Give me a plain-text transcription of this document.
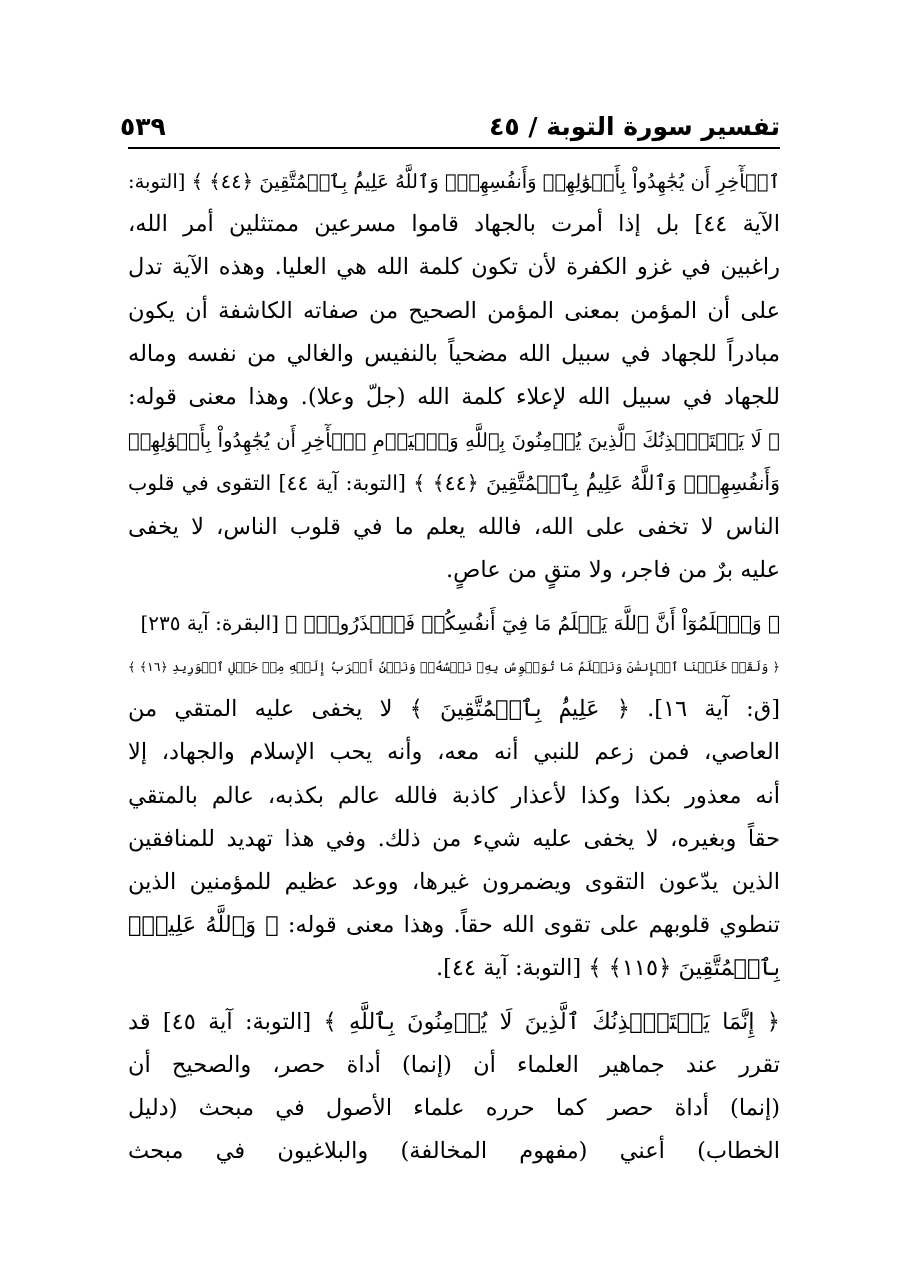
تفسير سورة التوبة / ٤٥
٥٣٩
ٱلۡأٓخِرِ أَن يُجَٰهِدُواْ بِأَمۡوَٰلِهِمۡ وَأَنفُسِهِمۡۗ وَٱللَّهُ عَلِيمُۢ بِٱلۡمُتَّقِينَ ﴿٤٤﴾ ﴾ [التوبة:
الآية ٤٤] بل إذا أمرت بالجهاد قاموا مسرعين ممتثلين أمر الله،
راغبين في غزو الكفرة لأن تكون كلمة الله هي العليا. وهذه الآية تدل
على أن المؤمن بمعنى المؤمن الصحيح من صفاته الكاشفة أن يكون
مبادراً للجهاد في سبيل الله مضحياً بالنفيس والغالي من نفسه وماله
للجهاد في سبيل الله لإعلاء كلمة الله (جلّ وعلا). وهذا معنى قوله:
﴿ لَا يَسۡتَـٔۡذِنُكَ ٱلَّذِينَ يُؤۡمِنُونَ بِٱللَّهِ وَٱلۡيَوۡمِ ٱلۡأٓخِرِ أَن يُجَٰهِدُواْ بِأَمۡوَٰلِهِمۡ
وَأَنفُسِهِمۡۗ وَٱللَّهُ عَلِيمُۢ بِٱلۡمُتَّقِينَ ﴿٤٤﴾ ﴾ [التوبة: آية ٤٤] التقوى في قلوب
الناس لا تخفى على الله، فالله يعلم ما في قلوب الناس، لا يخفى
عليه برٌ من فاجر، ولا متقٍ من عاصٍ.
﴿ وَٱعۡلَمُوٓاْ أَنَّ ٱللَّهَ يَعۡلَمُ مَا فِيٓ أَنفُسِكُمۡ فَٱحۡذَرُوهُۚ ﴾ [البقرة: آية ٢٣٥]
﴿ وَلَقَدۡ خَلَقۡنَا ٱلۡإِنسَٰنَ وَنَعۡلَمُ مَا تُوَسۡوِسُ بِهِۦ نَفۡسُهُۥۖ وَنَحۡنُ أَقۡرَبُ إِلَيۡهِ مِنۡ حَبۡلِ ٱلۡوَرِيدِ ﴿١٦﴾ ﴾
[ق: آية ١٦]. ﴿ عَلِيمُۢ بِٱلۡمُتَّقِينَ ﴾ لا يخفى عليه المتقي من
العاصي، فمن زعم للنبي أنه معه، وأنه يحب الإسلام والجهاد، إلا
أنه معذور بكذا وكذا لأعذار كاذبة فالله عالم بكذبه، عالم بالمتقي
حقاً وبغيره، لا يخفى عليه شيء من ذلك. وفي هذا تهديد للمنافقين
الذين يدّعون التقوى ويضمرون غيرها، ووعد عظيم للمؤمنين الذين
تنطوي قلوبهم على تقوى الله حقاً. وهذا معنى قوله: ﴿ وَٱللَّهُ عَلِيمُۢ
بِٱلۡمُتَّقِينَ ﴿١١٥﴾ ﴾ [التوبة: آية ٤٤].
﴿ إِنَّمَا يَسۡتَـٔۡذِنُكَ ٱلَّذِينَ لَا يُؤۡمِنُونَ بِٱللَّهِ ﴾ [التوبة: آية ٤٥] قد
تقرر عند جماهير العلماء أن (إنما) أداة حصر، والصحيح أن
(إنما) أداة حصر كما حرره علماء الأصول في مبحث (دليل
الخطاب) أعني (مفهوم المخالفة) والبلاغيون في مبحث
